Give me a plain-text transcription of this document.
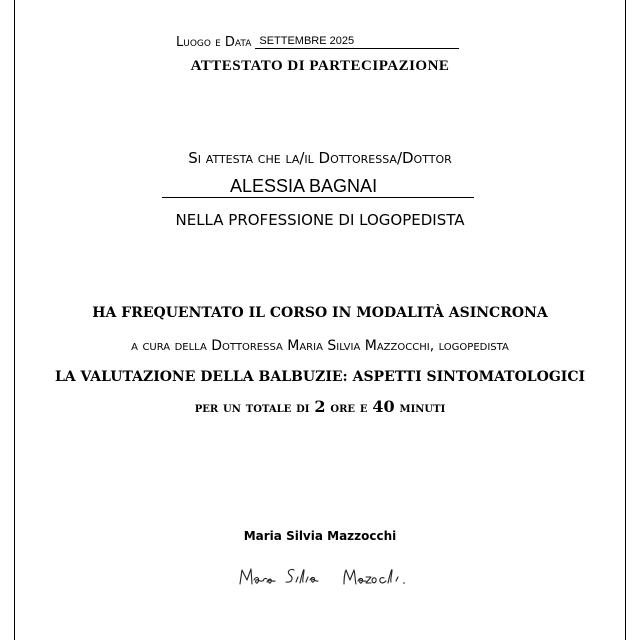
Luogo e Data SETTEMBRE 2025
ATTESTATO DI PARTECIPAZIONE
Si attesta che la/il Dottoressa/Dottor
ALESSIA BAGNAI
NELLA PROFESSIONE DI LOGOPEDISTA
HA FREQUENTATO IL CORSO IN MODALITÀ ASINCRONA
a cura della Dottoressa Maria Silvia Mazzocchi, logopedista
LA VALUTAZIONE DELLA BALBUZIE: ASPETTI SINTOMATOLOGICI
per un totale di 2 ore e 40 minuti
Maria Silvia Mazzocchi
